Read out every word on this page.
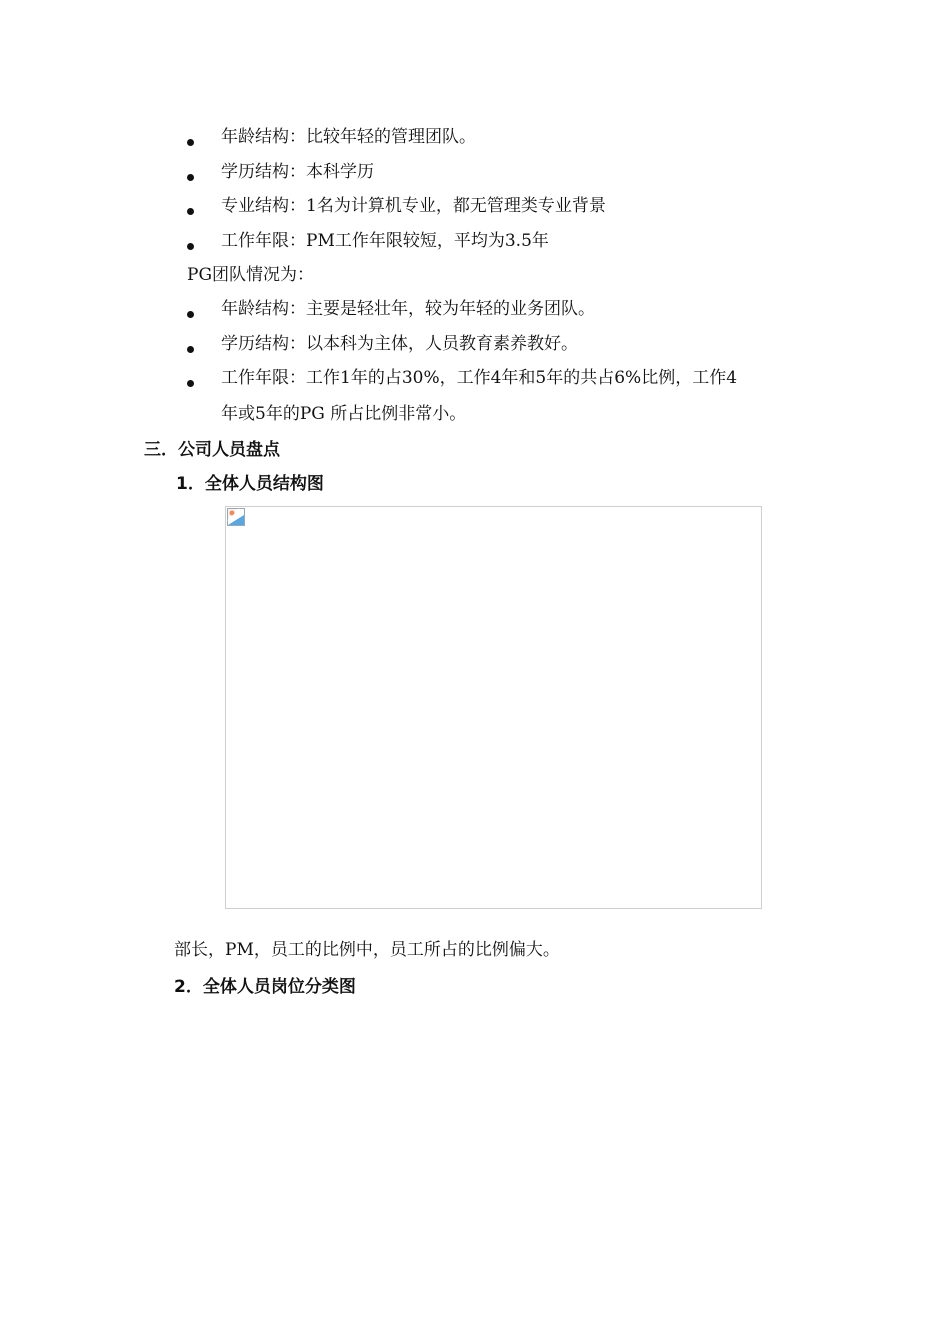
年龄结构：比较年轻的管理团队。
学历结构：本科学历
专业结构：1名为计算机专业，都无管理类专业背景
工作年限：PM工作年限较短，平均为3.5年
PG团队情况为：
年龄结构：主要是轻壮年，较为年轻的业务团队。
学历结构：以本科为主体，人员教育素养教好。
工作年限：工作1年的占30%，工作4年和5年的共占6%比例，工作4
年或5年的PG 所占比例非常小。
三．公司人员盘点
1．全体人员结构图
部长，PM，员工的比例中，员工所占的比例偏大。
2．全体人员岗位分类图
